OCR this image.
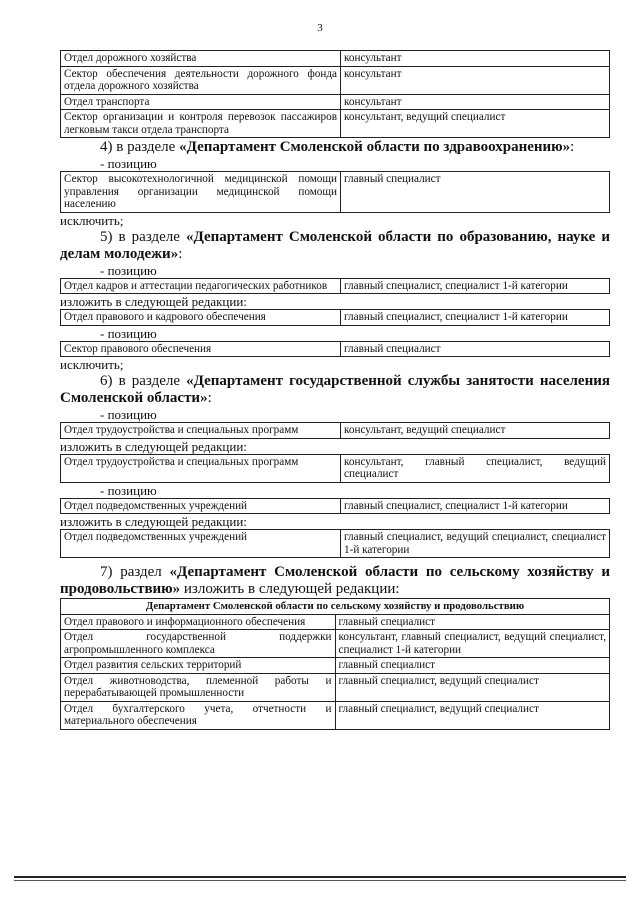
3
Отдел дорожного хозяйства	консультант
Сектор обеспечения деятельности дорожного фонда отдела дорожного хозяйства	консультант
Отдел транспорта	консультант
Сектор организации и контроля перевозок пассажиров легковым такси отдела транспорта	консультант, ведущий специалист

4) в разделе «Департамент Смоленской области по здравоохранению»:

- позицию

Сектор высокотехнологичной медицинской помощи управления организации медицинской помощи населению	главный специалист

исключить;

5) в разделе «Департамент Смоленской области по образованию, науке и делам молодежи»:

- позицию

Отдел кадров и аттестации педагогических работников	главный специалист, специалист 1-й категории

изложить в следующей редакции:

Отдел правового и кадрового обеспечения	главный специалист, специалист 1-й категории

- позицию

Сектор правового обеспечения	главный специалист

исключить;

6) в разделе «Департамент государственной службы занятости населения Смоленской области»:

- позицию

Отдел трудоустройства и специальных программ	консультант, ведущий специалист

изложить в следующей редакции:

Отдел трудоустройства и специальных программ	консультант, главный специалист, ведущий специалист

- позицию

Отдел подведомственных учреждений	главный специалист, специалист 1-й категории

изложить в следующей редакции:

Отдел подведомственных учреждений	главный специалист, ведущий специалист, специалист 1-й категории

7) раздел «Департамент Смоленской области по сельскому хозяйству и продовольствию» изложить в следующей редакции:

Департамент Смоленской области по сельскому хозяйству и продовольствию	
Отдел правового и информационного обеспечения	главный специалист
Отдел государственной поддержки агропромышленного комплекса	консультант, главный специалист, ведущий специалист, специалист 1-й категории
Отдел развития сельских территорий	главный специалист
Отдел животноводства, племенной работы и перерабатывающей промышленности	главный специалист, ведущий специалист
Отдел бухгалтерского учета, отчетности и материального обеспечения	главный специалист, ведущий специалист
